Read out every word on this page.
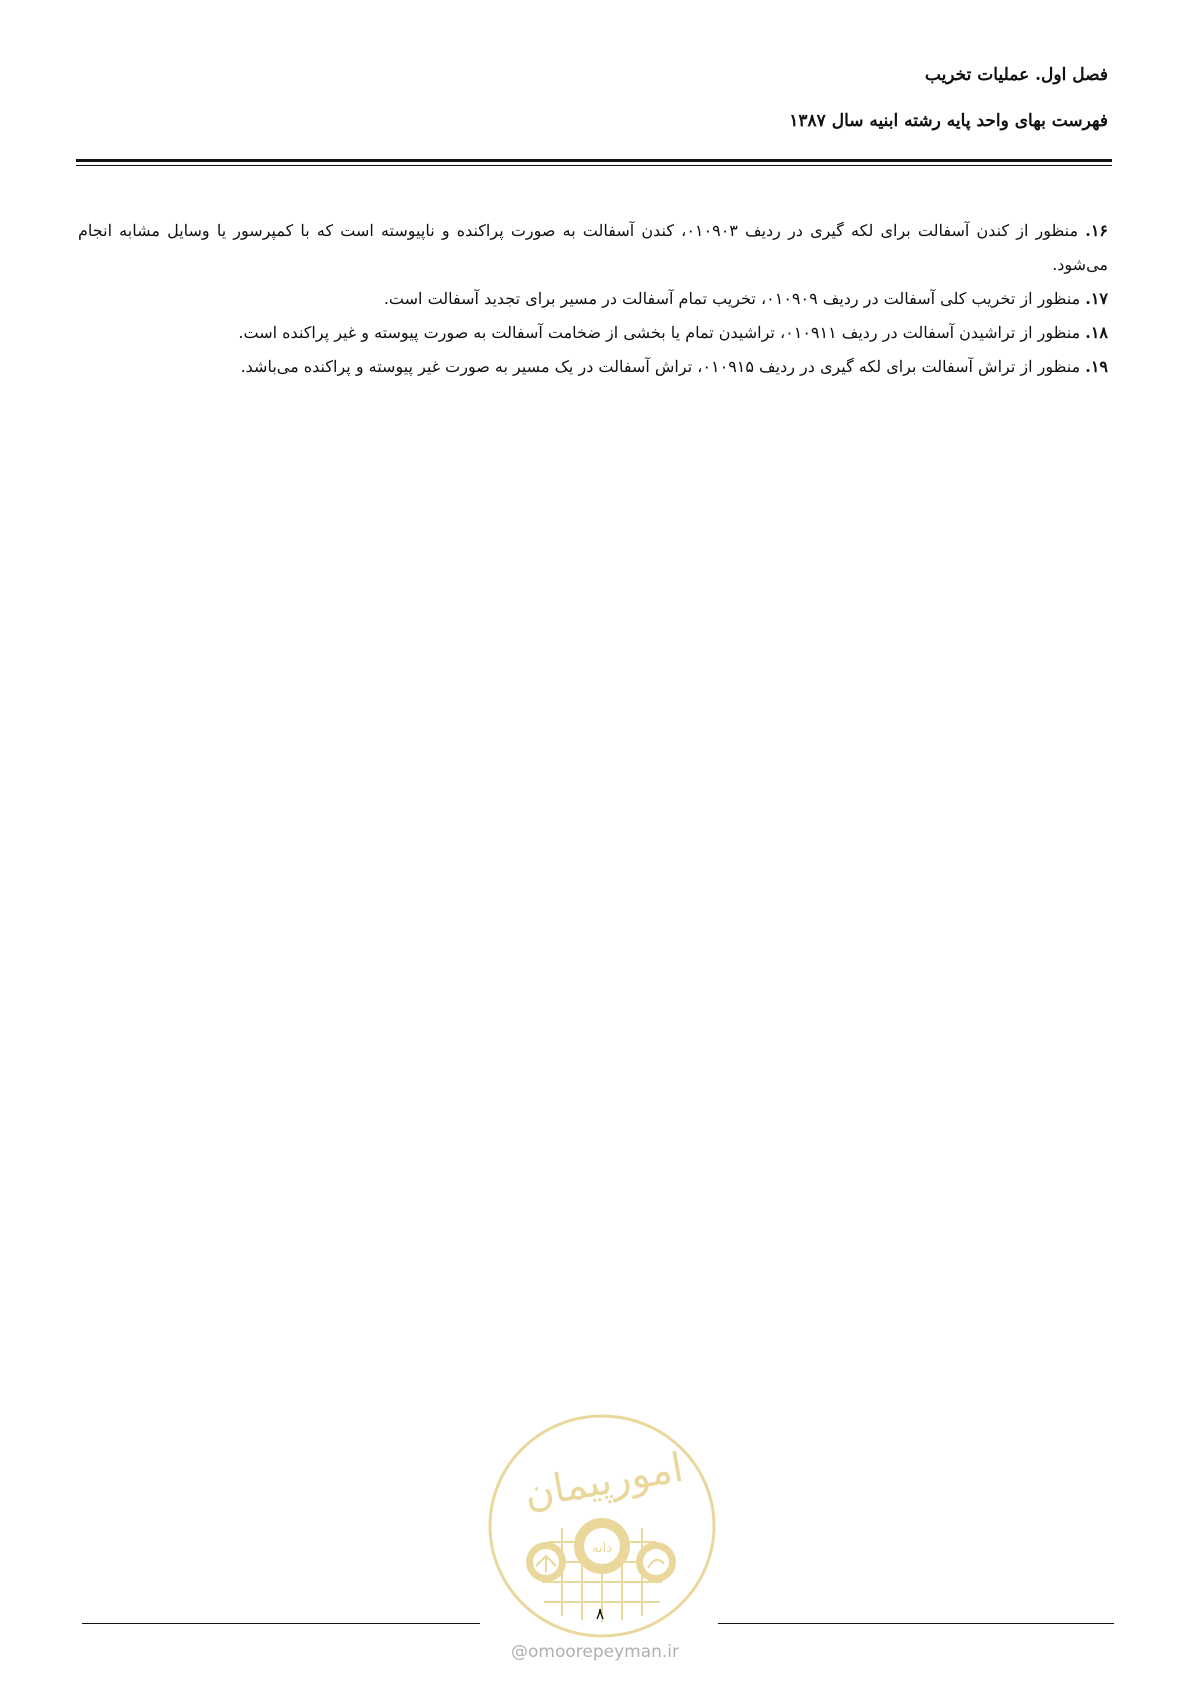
فصل اول. عملیات تخریب

فهرست بهای واحد پایه رشته ابنیه سال ۱۳۸۷

۱۶. منظور از کندن آسفالت برای لکه گیری در ردیف ۰۱۰۹۰۳، کندن آسفالت به صورت پراکنده و ناپیوسته است که با کمپرسور یا وسایل مشابه انجام می‌شود.

۱۷. منظور از تخریب کلی آسفالت در ردیف ۰۱۰۹۰۹، تخریب تمام آسفالت در مسیر برای تجدید آسفالت است.

۱۸. منظور از تراشیدن آسفالت در ردیف ۰۱۰۹۱۱، تراشیدن تمام یا بخشی از ضخامت آسفالت به صورت پیوسته و غیر پراکنده است.

۱۹. منظور از تراش آسفالت برای لکه گیری در ردیف ۰۱۰۹۱۵، تراش آسفالت در یک مسیر به صورت غیر پیوسته و پراکنده می‌باشد.

امورپیمان
دانه
۸
@omoorepeyman.ir
